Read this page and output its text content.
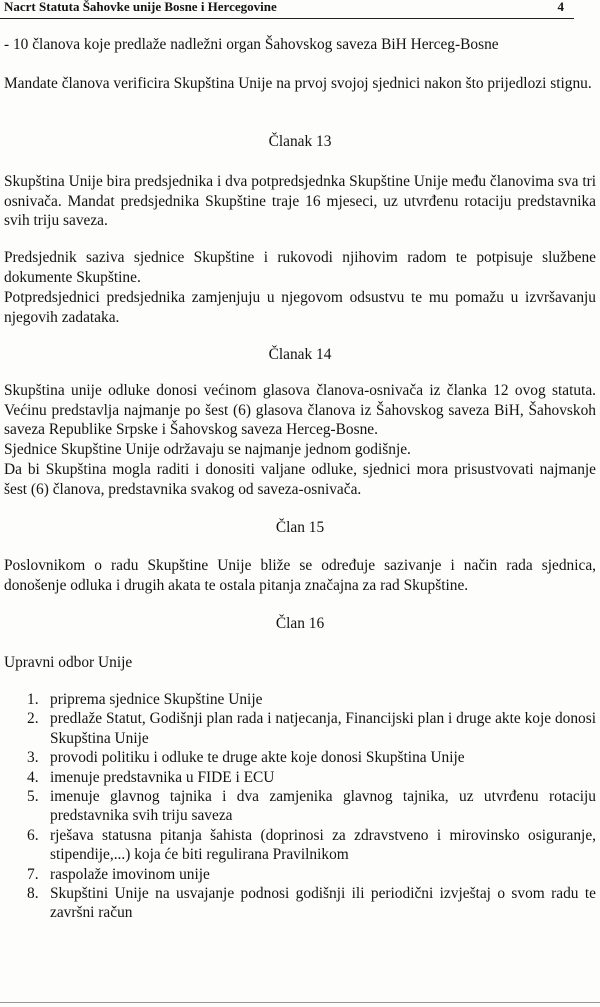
Nacrt Statuta Šahovke unije Bosne i Hercegovine	4

- 10 članova koje predlaže nadležni organ Šahovskog saveza BiH Herceg-Bosne

Mandate članova verificira Skupština Unije na prvoj svojoj sjednici nakon što prijedlozi stignu.

Članak 13

Skupština Unije bira predsjednika i dva potpredsjednka Skupštine Unije među članovima sva tri osnivača. Mandat predsjednika Skupštine traje 16 mjeseci, uz utvrđenu rotaciju predstavnika svih triju saveza.

Predsjednik saziva sjednice Skupštine i rukovodi njihovim radom te potpisuje službene dokumente Skupštine.

Potpredsjednici predsjednika zamjenjuju u njegovom odsustvu te mu pomažu u izvršavanju njegovih zadataka.

Članak 14

Skupština unije odluke donosi većinom glasova članova-osnivača iz članka 12 ovog statuta. Većinu predstavlja najmanje po šest (6) glasova članova iz Šahovskog saveza BiH, Šahovskoh saveza Republike Srpske i Šahovskog saveza Herceg-Bosne.

Sjednice Skupštine Unije održavaju se najmanje jednom godišnje.

Da bi Skupština mogla raditi i donositi valjane odluke, sjednici mora prisustvovati najmanje šest (6) članova, predstavnika svakog od saveza-osnivača.

Član 15

Poslovnikom o radu Skupštine Unije bliže se određuje sazivanje i način rada sjednica, donošenje odluka i drugih akata te ostala pitanja značajna za rad Skupštine.

Član 16

Upravni odbor Unije

1. priprema sjednice Skupštine Unije
2. predlaže Statut, Godišnji plan rada i natjecanja, Financijski plan i druge akte koje donosi Skupština Unije
3. provodi politiku i odluke te druge akte koje donosi Skupština Unije
4. imenuje predstavnika u FIDE i ECU
5. imenuje glavnog tajnika i dva zamjenika glavnog tajnika, uz utvrđenu rotaciju predstavnika svih triju saveza
6. rješava statusna pitanja šahista (doprinosi za zdravstveno i mirovinsko osiguranje, stipendije,...) koja će biti regulirana Pravilnikom
7. raspolaže imovinom unije
8. Skupštini Unije na usvajanje podnosi godišnji ili periodični izvještaj o svom radu te završni račun
